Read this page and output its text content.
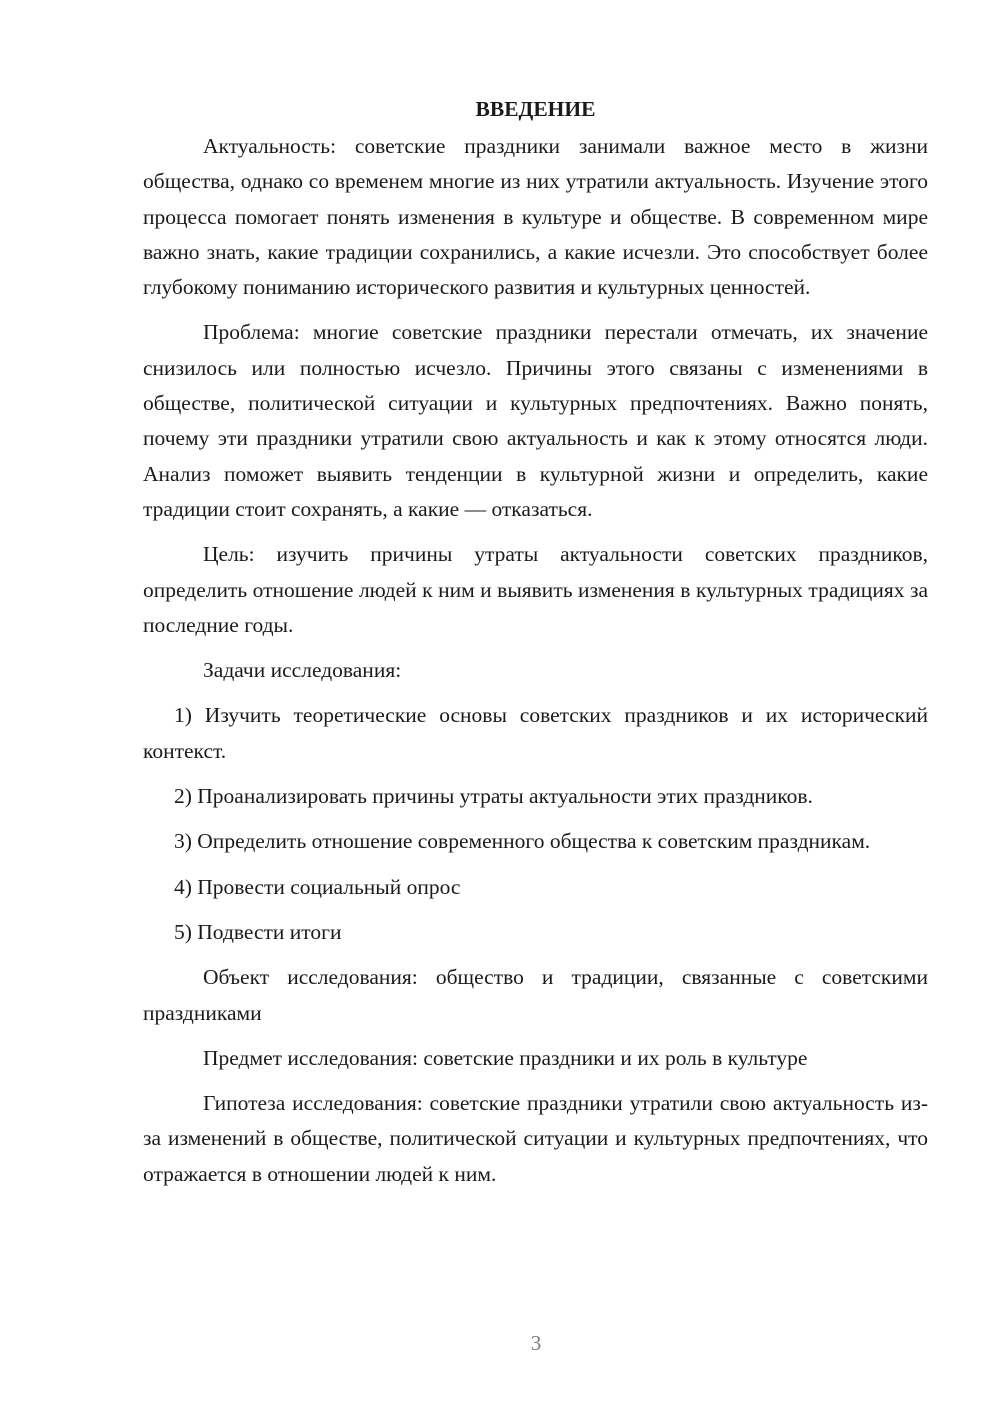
ВВЕДЕНИЕ

Актуальность: советские праздники занимали важное место в жизни общества, однако со временем многие из них утратили актуальность. Изучение этого процесса помогает понять изменения в культуре и обществе. В современном мире важно знать, какие традиции сохранились, а какие исчезли. Это способствует более глубокому пониманию исторического развития и культурных ценностей.

Проблема: многие советские праздники перестали отмечать, их значение снизилось или полностью исчезло. Причины этого связаны с изменениями в обществе, политической ситуации и культурных предпочтениях. Важно понять, почему эти праздники утратили свою актуальность и как к этому относятся люди. Анализ поможет выявить тенденции в культурной жизни и определить, какие традиции стоит сохранять, а какие — отказаться.

Цель: изучить причины утраты актуальности советских праздников, определить отношение людей к ним и выявить изменения в культурных традициях за последние годы.

Задачи исследования:

1) Изучить теоретические основы советских праздников и их исторический контекст.

2) Проанализировать причины утраты актуальности этих праздников.

3) Определить отношение современного общества к советским праздникам.

4) Провести социальный опрос

5) Подвести итоги

Объект исследования: общество и традиции, связанные с советскими праздниками

Предмет исследования: советские праздники и их роль в культуре

Гипотеза исследования: советские праздники утратили свою актуальность из-за изменений в обществе, политической ситуации и культурных предпочтениях, что отражается в отношении людей к ним.

3
